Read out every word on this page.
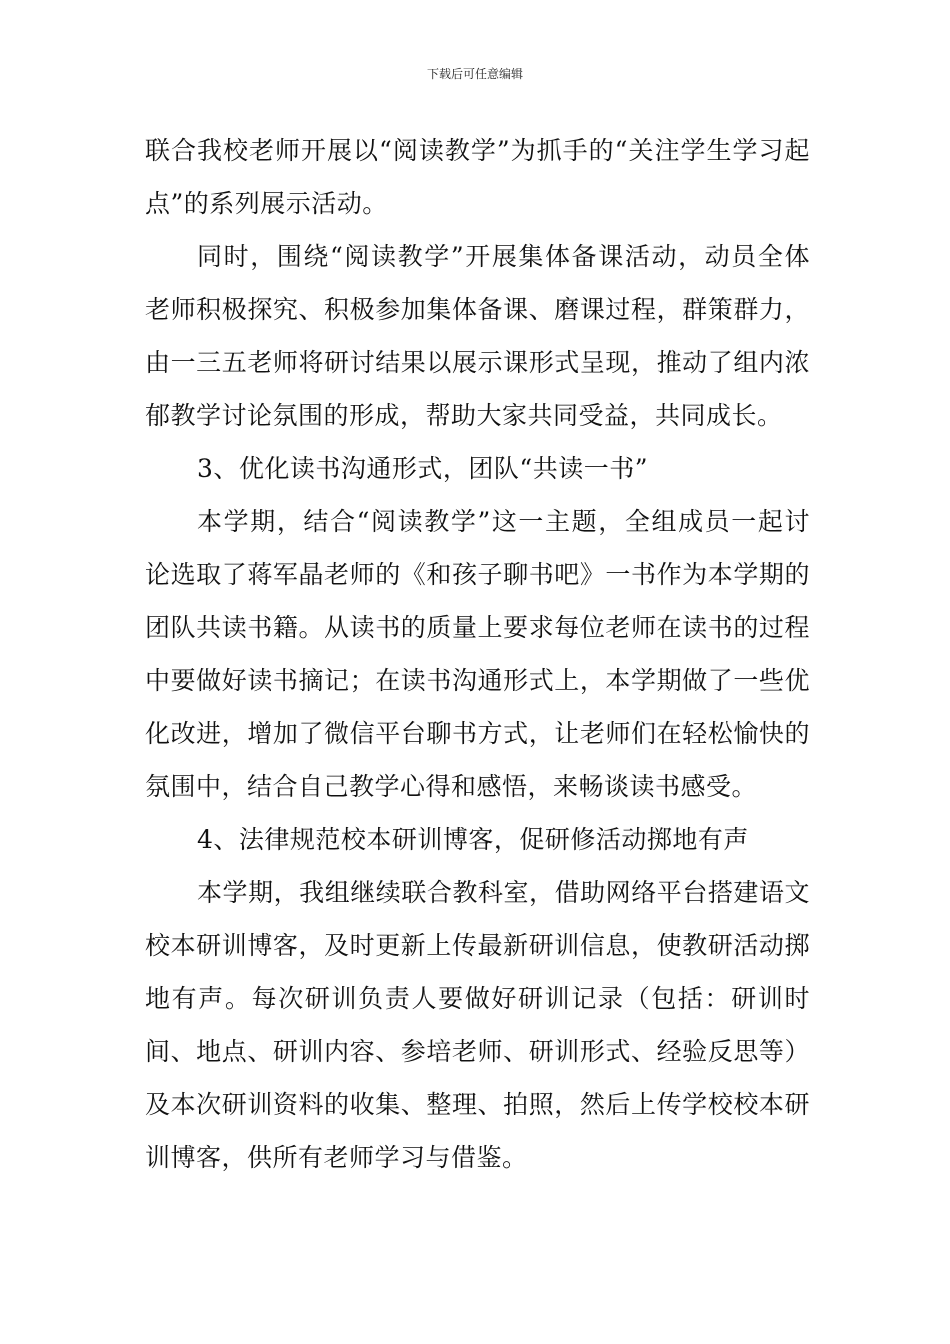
下载后可任意编辑

联合我校老师开展以“阅读教学”为抓手的“关注学生学习起点”的系列展示活动。

同时，围绕“阅读教学”开展集体备课活动，动员全体老师积极探究、积极参加集体备课、磨课过程，群策群力，由一三五老师将研讨结果以展示课形式呈现，推动了组内浓郁教学讨论氛围的形成，帮助大家共同受益，共同成长。

3、优化读书沟通形式，团队“共读一书”

本学期，结合“阅读教学”这一主题，全组成员一起讨论选取了蒋军晶老师的《和孩子聊书吧》一书作为本学期的团队共读书籍。从读书的质量上要求每位老师在读书的过程中要做好读书摘记；在读书沟通形式上，本学期做了一些优化改进，增加了微信平台聊书方式，让老师们在轻松愉快的氛围中，结合自己教学心得和感悟，来畅谈读书感受。

4、法律规范校本研训博客，促研修活动掷地有声

本学期，我组继续联合教科室，借助网络平台搭建语文校本研训博客，及时更新上传最新研训信息，使教研活动掷地有声。每次研训负责人要做好研训记录（包括：研训时间、地点、研训内容、参培老师、研训形式、经验反思等）及本次研训资料的收集、整理、拍照，然后上传学校校本研训博客，供所有老师学习与借鉴。
